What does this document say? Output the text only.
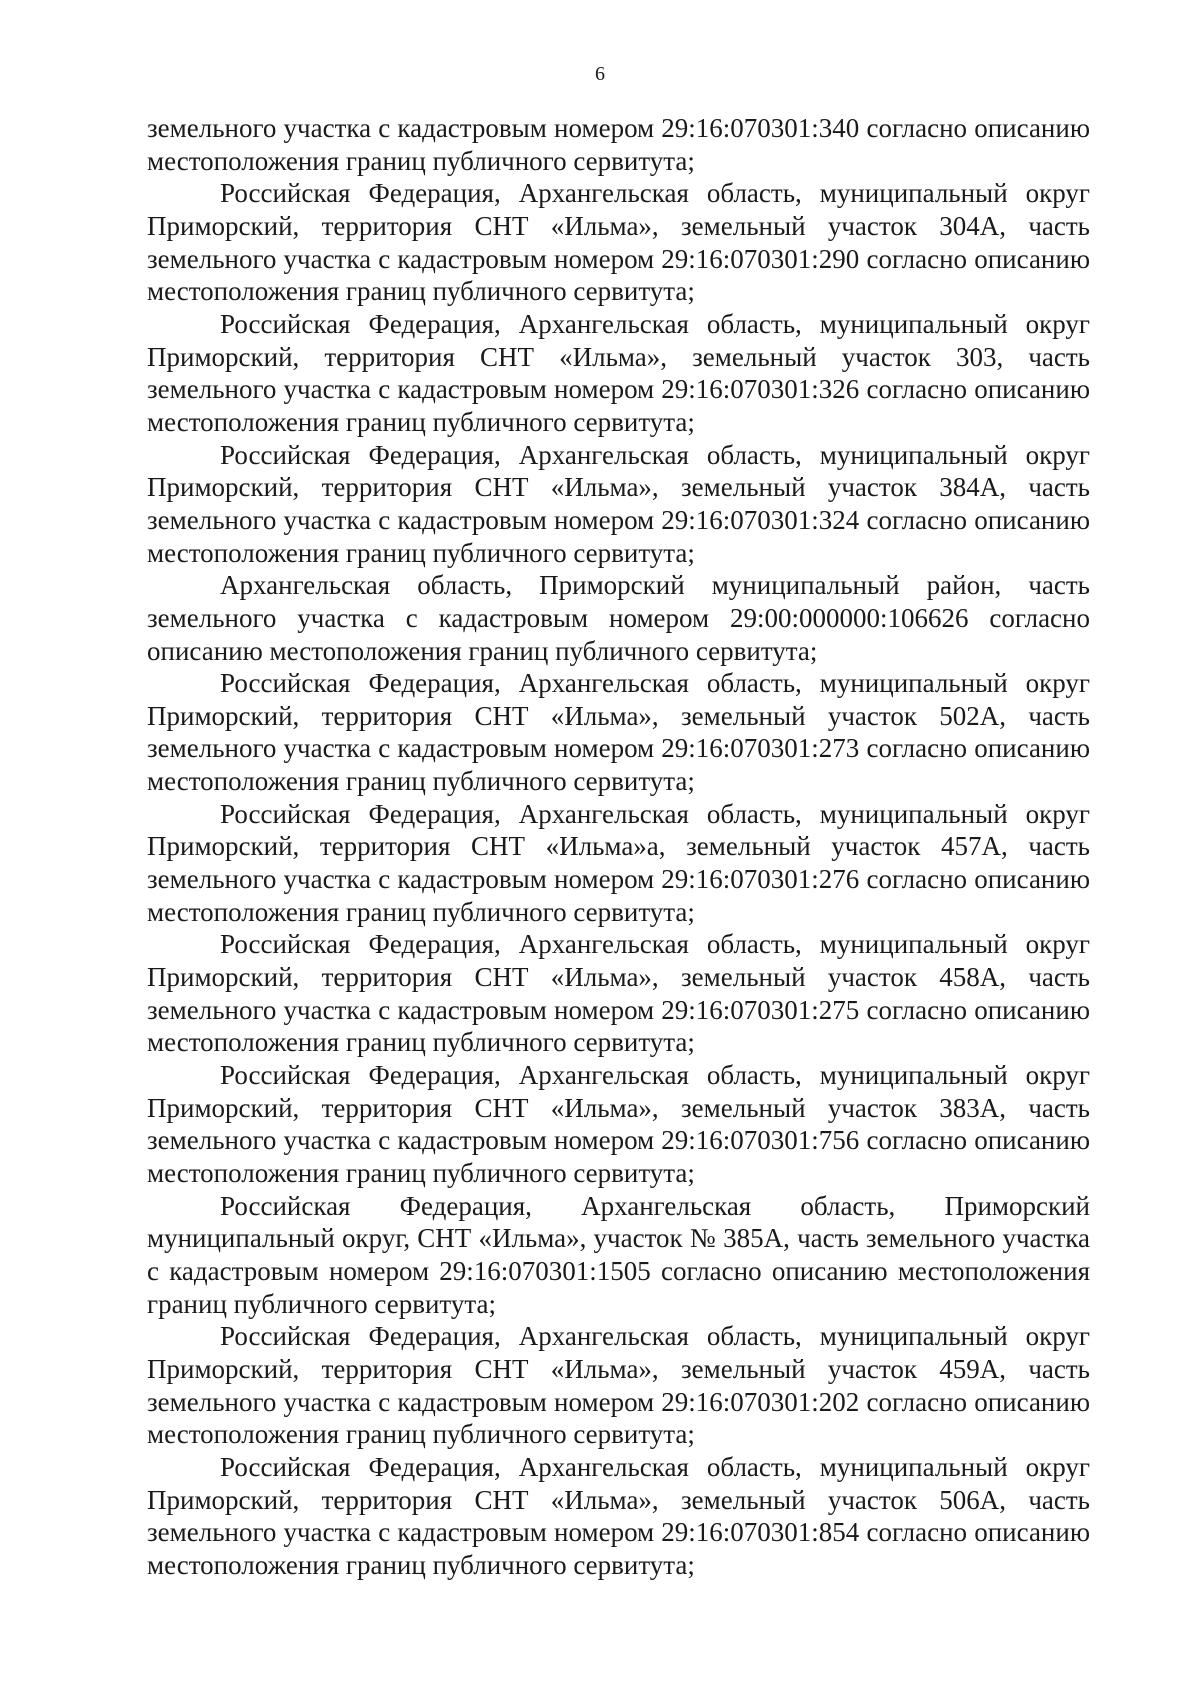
6

земельного участка с кадастровым номером 29:16:070301:340 согласно описанию местоположения границ публичного сервитута;

Российская Федерация, Архангельская область, муниципальный округ Приморский, территория СНТ «Ильма», земельный участок 304А, часть земельного участка с кадастровым номером 29:16:070301:290 согласно описанию местоположения границ публичного сервитута;

Российская Федерация, Архангельская область, муниципальный округ Приморский, территория СНТ «Ильма», земельный участок 303, часть земельного участка с кадастровым номером 29:16:070301:326 согласно описанию местоположения границ публичного сервитута;

Российская Федерация, Архангельская область, муниципальный округ Приморский, территория СНТ «Ильма», земельный участок 384А, часть земельного участка с кадастровым номером 29:16:070301:324 согласно описанию местоположения границ публичного сервитута;

Архангельская область, Приморский муниципальный район, часть земельного участка с кадастровым номером 29:00:000000:106626 согласно описанию местоположения границ публичного сервитута;

Российская Федерация, Архангельская область, муниципальный округ Приморский, территория СНТ «Ильма», земельный участок 502А, часть земельного участка с кадастровым номером 29:16:070301:273 согласно описанию местоположения границ публичного сервитута;

Российская Федерация, Архангельская область, муниципальный округ Приморский, территория СНТ «Ильма»а, земельный участок 457А, часть земельного участка с кадастровым номером 29:16:070301:276 согласно описанию местоположения границ публичного сервитута;

Российская Федерация, Архангельская область, муниципальный округ Приморский, территория СНТ «Ильма», земельный участок 458А, часть земельного участка с кадастровым номером 29:16:070301:275 согласно описанию местоположения границ публичного сервитута;

Российская Федерация, Архангельская область, муниципальный округ Приморский, территория СНТ «Ильма», земельный участок 383А, часть земельного участка с кадастровым номером 29:16:070301:756 согласно описанию местоположения границ публичного сервитута;

Российская Федерация, Архангельская область, Приморский муниципальный округ, СНТ «Ильма», участок № 385А, часть земельного участка с кадастровым номером 29:16:070301:1505 согласно описанию местоположения границ публичного сервитута;

Российская Федерация, Архангельская область, муниципальный округ Приморский, территория СНТ «Ильма», земельный участок 459А, часть земельного участка с кадастровым номером 29:16:070301:202 согласно описанию местоположения границ публичного сервитута;

Российская Федерация, Архангельская область, муниципальный округ Приморский, территория СНТ «Ильма», земельный участок 506А, часть земельного участка с кадастровым номером 29:16:070301:854 согласно описанию местоположения границ публичного сервитута;
